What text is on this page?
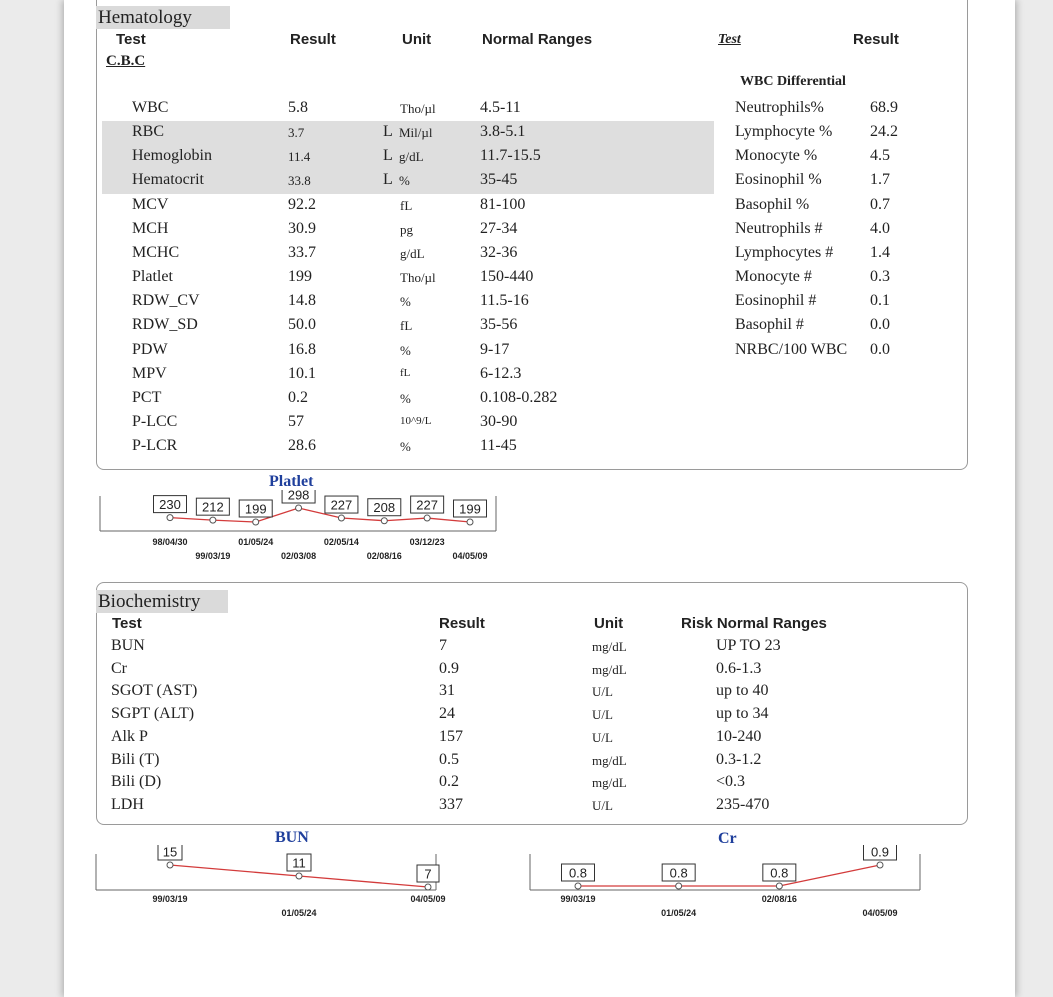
Hematology
Test	Result	Unit	Normal Ranges	Test	Result
C.B.C
WBC Differential
WBC	5.8	Tho/µl	4.5-11
RBC	3.7	L Mil/µl	3.8-5.1
Hemoglobin	11.4	L g/dL	11.7-15.5
Hematocrit	33.8	L %	35-45
MCV	92.2	fL	81-100
MCH	30.9	pg	27-34
MCHC	33.7	g/dL	32-36
Platlet	199	Tho/µl	150-440
RDW_CV	14.8	%	11.5-16
RDW_SD	50.0	fL	35-56
PDW	16.8	%	9-17
MPV	10.1	fL	6-12.3
PCT	0.2	%	0.108-0.282
P-LCC	57	10^9/L	30-90
P-LCR	28.6	%	11-45
Neutrophils%	68.9
Lymphocyte % 24.2
Monocyte %	4.5
Eosinophil %	1.7
Basophil %	0.7
Neutrophils #	4.0
Lymphocytes # 1.4
Monocyte #	0.3
Eosinophil #	0.1
Basophil #	0.0
NRBC/100 WBC 0.0
Platlet
230
98/04/30
212
99/03/19
199
01/05/24
298
02/03/08
227
02/05/14
208
02/08/16
227
03/12/23
199
04/05/09
Biochemistry
Test	Result	Unit	Risk Normal Ranges
BUN	7	mg/dL	UP TO 23
Cr	0.9	mg/dL	0.6-1.3
SGOT (AST)	31	U/L	up to 40
SGPT (ALT)	24	U/L	up to 34
Alk P	157	U/L	10-240
Bili (T)	0.5	mg/dL	0.3-1.2
Bili (D)	0.2	mg/dL	<0.3
LDH	337	U/L	235-470
BUN	Cr
15
99/03/19
11
01/05/24
7
04/05/09
0.8
99/03/19
0.8
01/05/24
0.8
02/08/16
0.9
04/05/09
